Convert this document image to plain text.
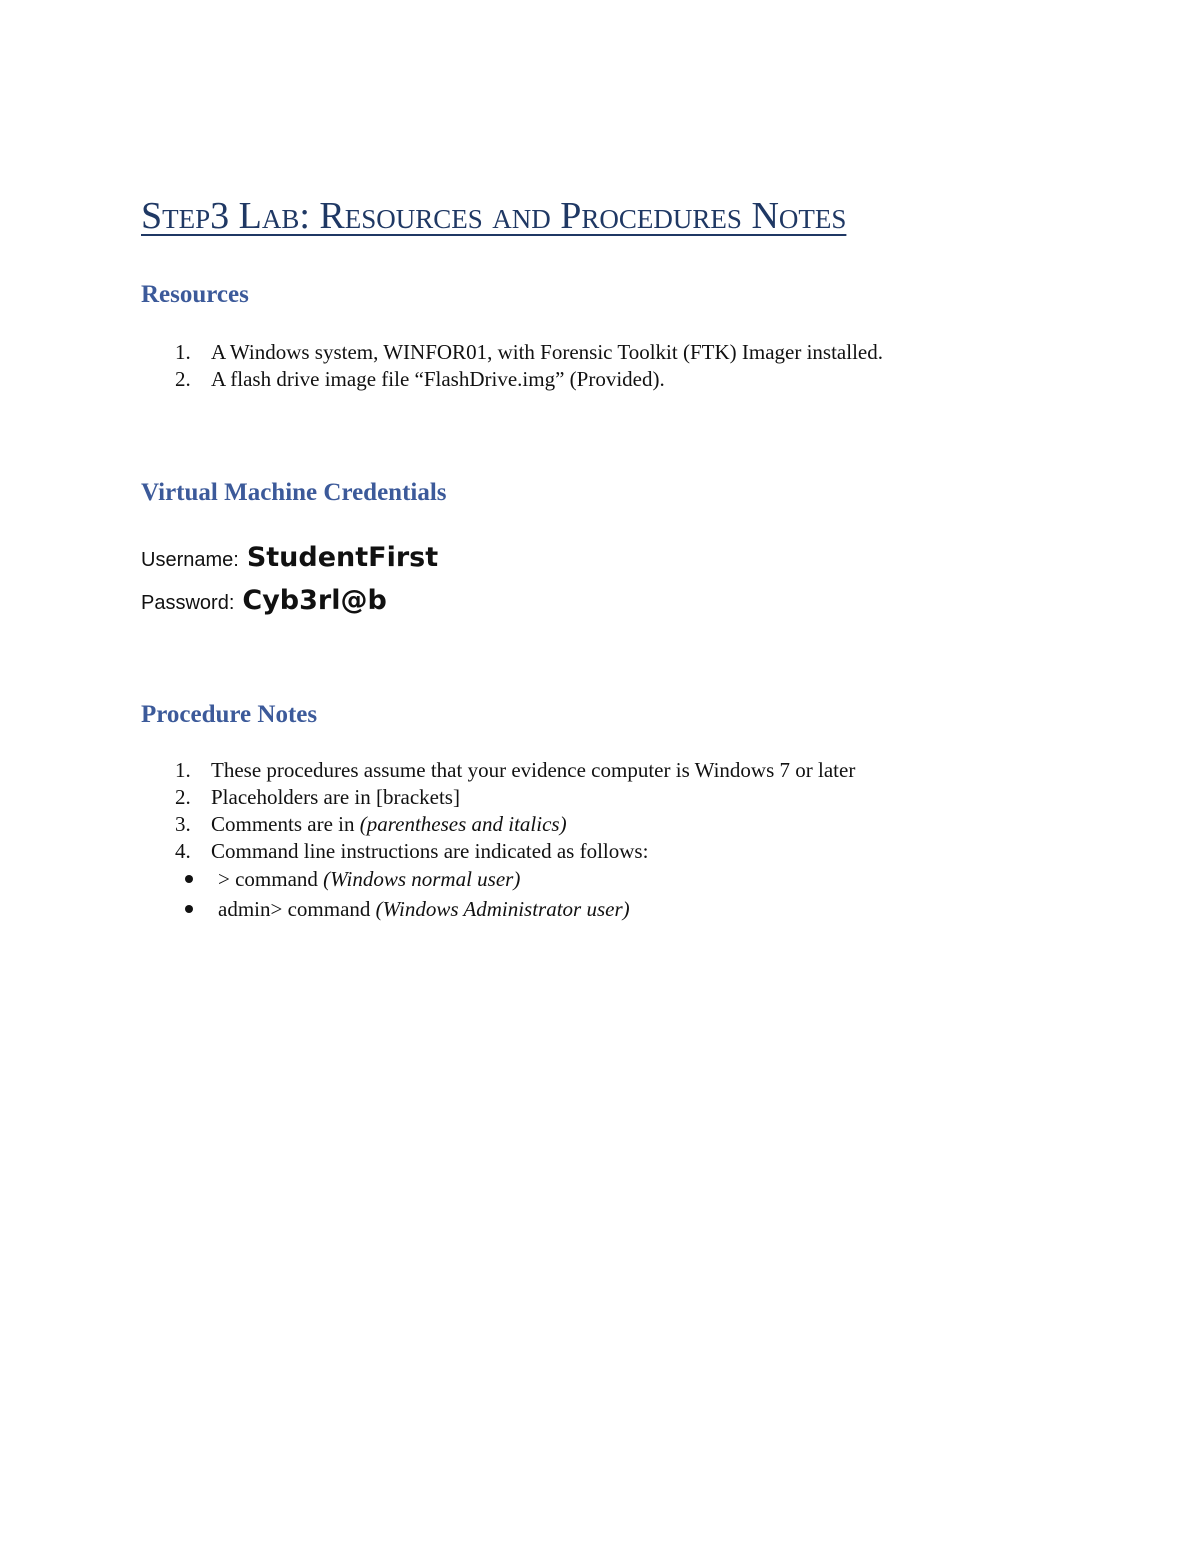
Step3 Lab: Resources and Procedures Notes
Resources
1. A Windows system, WINFOR01, with Forensic Toolkit (FTK) Imager installed.
2. A flash drive image file “FlashDrive.img” (Provided).
Virtual Machine Credentials
Username: StudentFirst
Password: Cyb3rl@b
Procedure Notes
1. These procedures assume that your evidence computer is Windows 7 or later
2. Placeholders are in [brackets]
3. Comments are in (parentheses and italics)
4. Command line instructions are indicated as follows:
> command (Windows normal user)
admin> command (Windows Administrator user)
